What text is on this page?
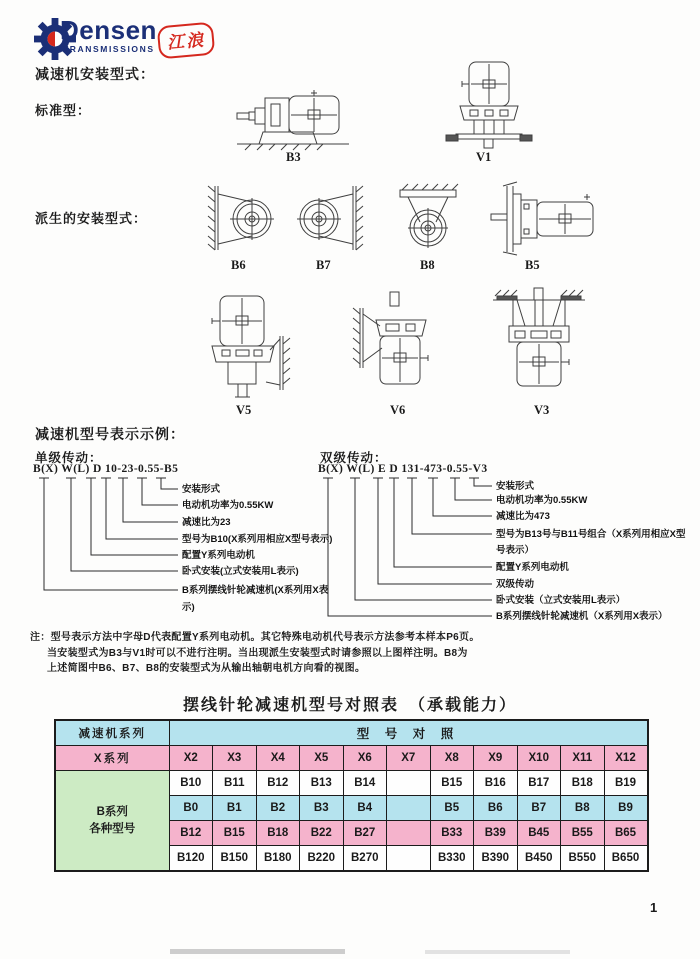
Densen
TRANSMISSIONS 江浪
减速机安装型式：
标准型：
派生的安装型式：
B3	V1
B6	B7	B8	B5
V5	V6	V3
减速机型号表示示例：
单级传动：
B(X) W(L) D 10-23-0.55-B5
安装形式
电动机功率为0.55KW
减速比为23
型号为B10(X系列用相应X型号表示)
配置Y系列电动机
卧式安装(立式安装用L表示)
B系列摆线针轮减速机(X系列用X表
示)
双级传动：
B(X) W(L) E D 131-473-0.55-V3
安装形式
电动机功率为0.55KW
减速比为473
型号为B13号与B11号组合（X系列用相应X型
号表示）
配置Y系列电动机
双级传动
卧式安装（立式安装用L表示）
B系列摆线针轮减速机（X系列用X表示）
注：型号表示方法中字母D代表配置Y系列电动机。其它特殊电动机代号表示方法参考本样本P6页。
当安装型式为B3与V1时可以不进行注明。当出现派生安装型式时请参照以上图样注明。B8为
上述简图中B6、B7、B8的安装型式为从输出轴朝电机方向看的视图。
摆线针轮减速机型号对照表　（承载能力）
减速机系列	型 号 对 照										
X系列	X2	X3	X4	X5	X6	X7	X8	X9	X10	X11	X12

B系列
各种型号	B10	B11	B12	B13	B14		B15	B16	B17	B18	B19
	B0	B1	B2	B3	B4		B5	B6	B7	B8	B9
	B12	B15	B18	B22	B27		B33	B39	B45	B55	B65
	B120	B150	B180	B220	B270		B330	B390	B450	B550	B650
1
